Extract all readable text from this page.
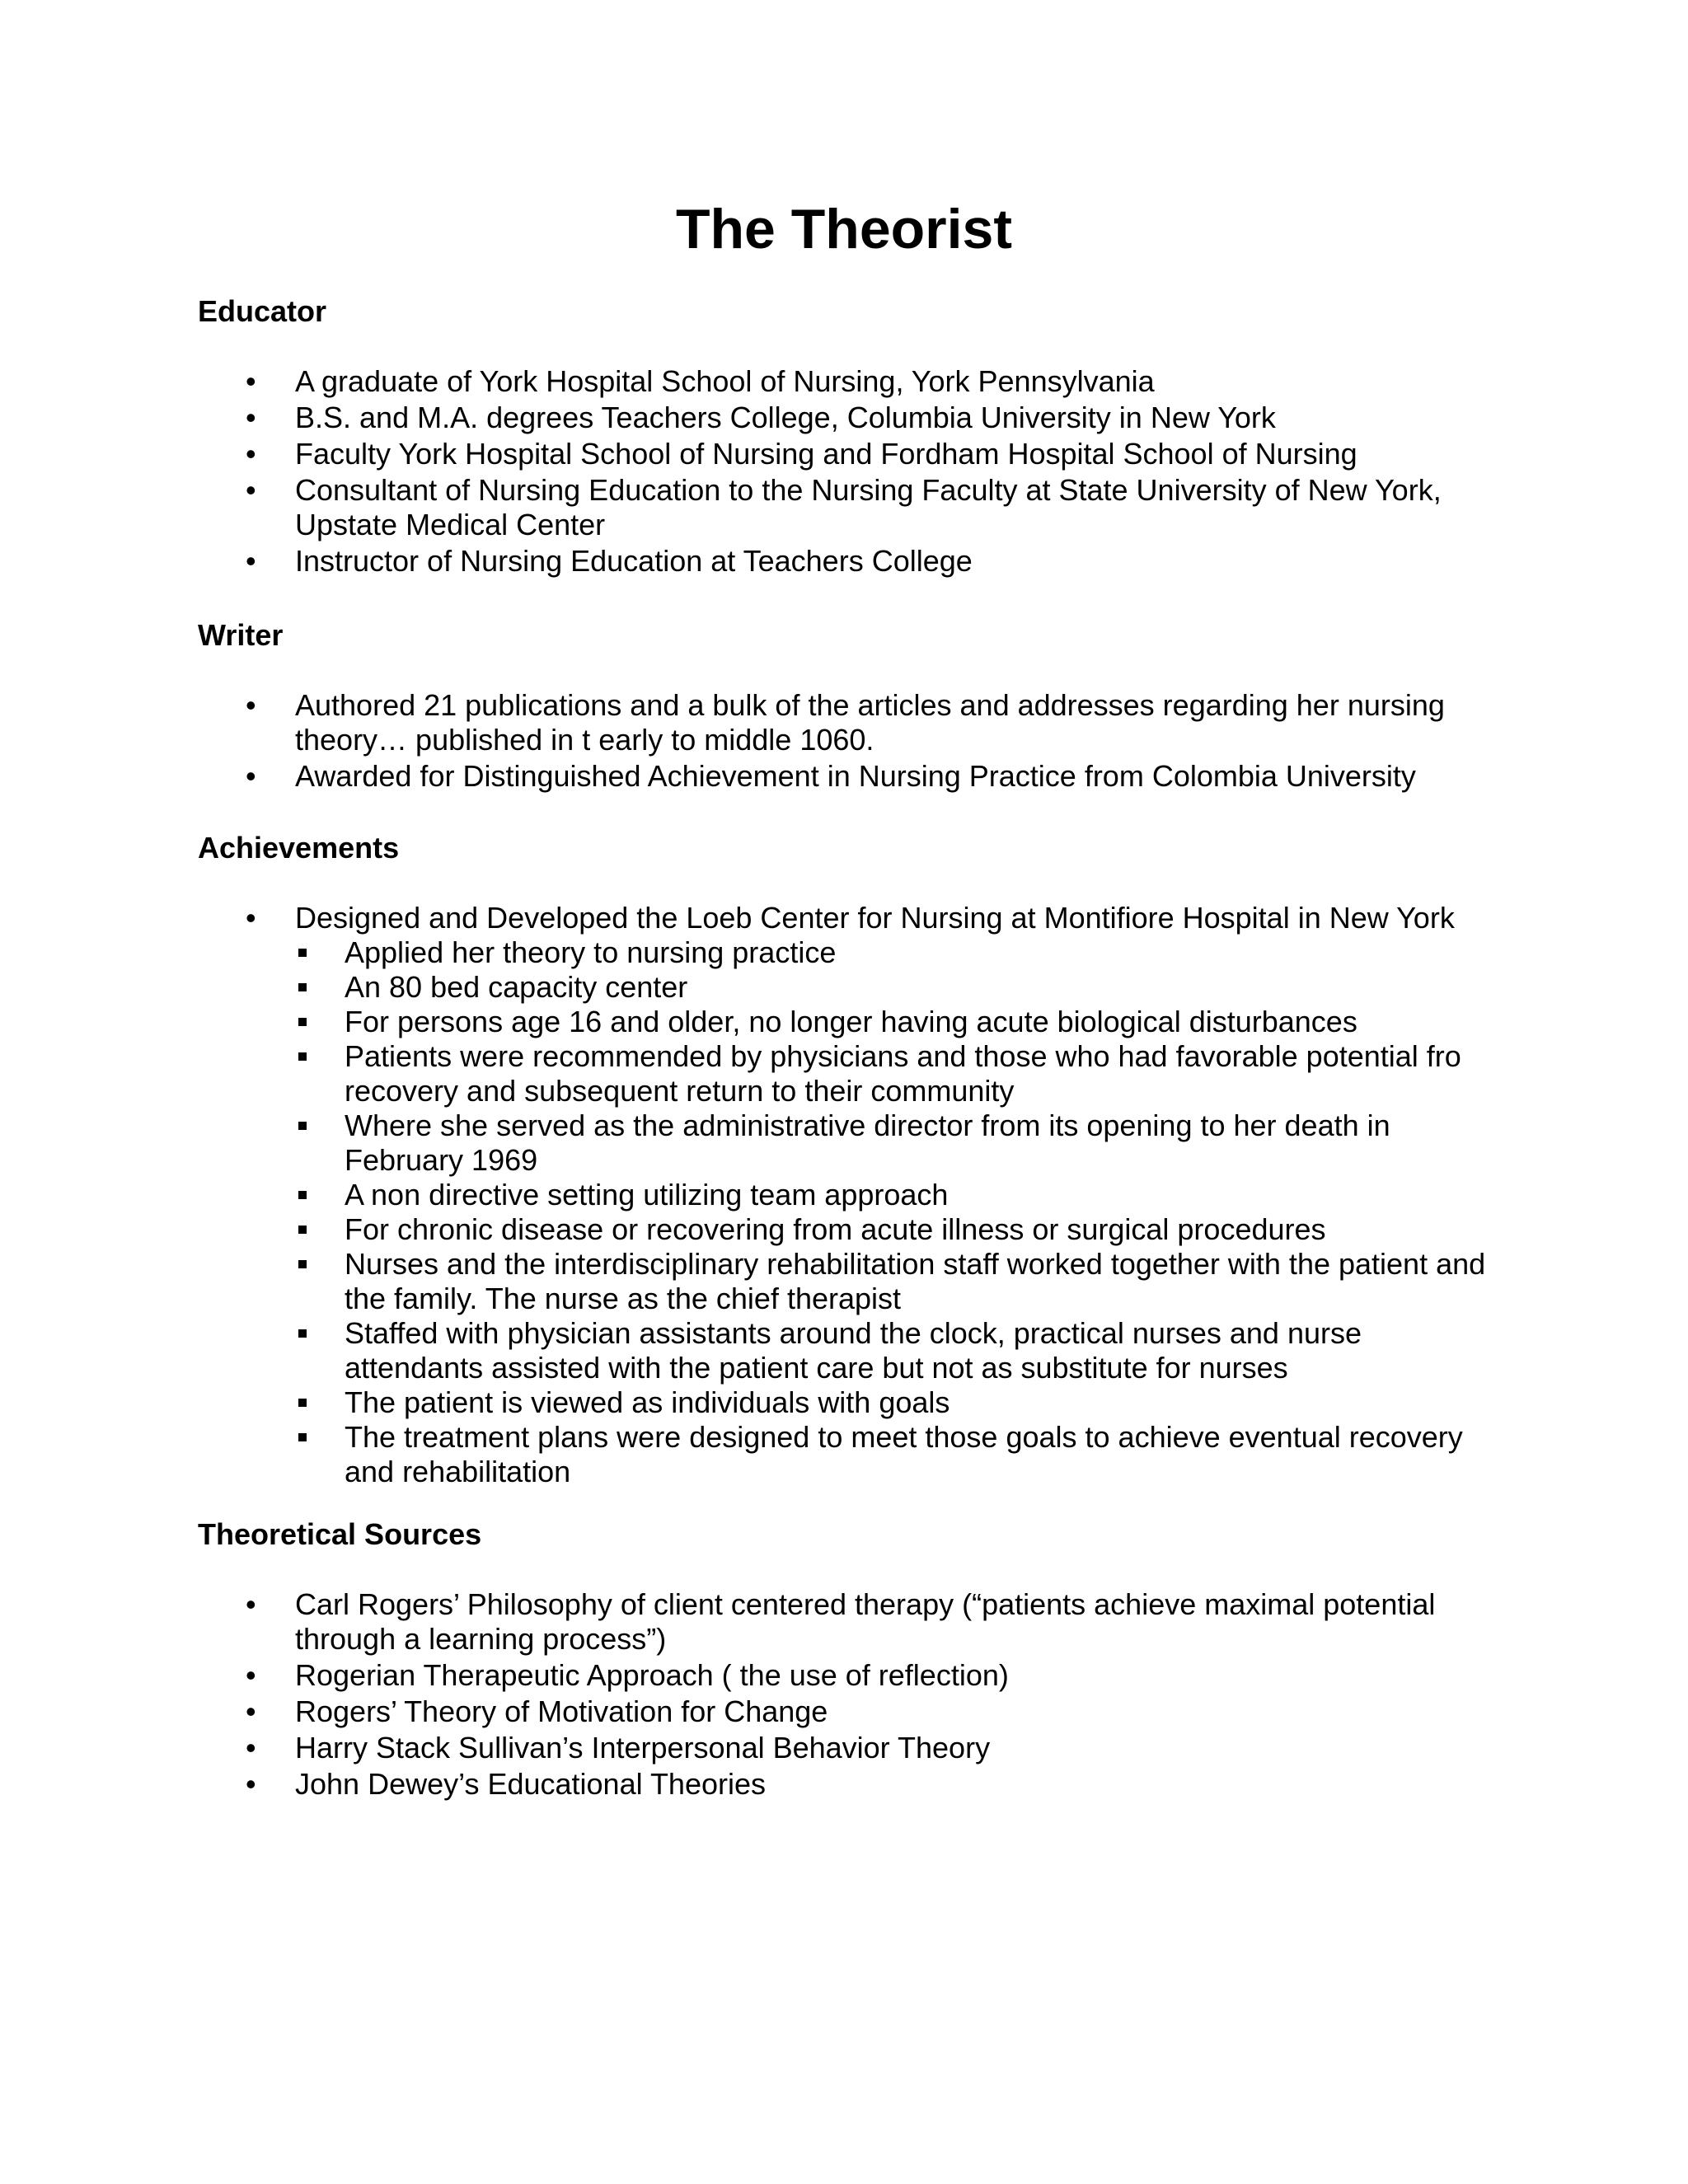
The Theorist
Educator
• A graduate of York Hospital School of Nursing, York Pennsylvania
• B.S. and M.A. degrees Teachers College, Columbia University in New York
• Faculty York Hospital School of Nursing and Fordham Hospital School of Nursing
• Consultant of Nursing Education to the Nursing Faculty at State University of New York, Upstate Medical Center
• Instructor of Nursing Education at Teachers College
Writer
• Authored 21 publications and a bulk of the articles and addresses regarding her nursing theory… published in t early to middle 1060.
• Awarded for Distinguished Achievement in Nursing Practice from Colombia University
Achievements
• Designed and Developed the Loeb Center for Nursing at Montifiore Hospital in New York
Applied her theory to nursing practice
An 80 bed capacity center
For persons age 16 and older, no longer having acute biological disturbances
Patients were recommended by physicians and those who had favorable potential fro recovery and subsequent return to their community
Where she served as the administrative director from its opening to her death in February 1969
A non directive setting utilizing team approach
For chronic disease or recovering from acute illness or surgical procedures
Nurses and the interdisciplinary rehabilitation staff worked together with the patient and the family. The nurse as the chief therapist
Staffed with physician assistants around the clock, practical nurses and nurse attendants assisted with the patient care but not as substitute for nurses
The patient is viewed as individuals with goals
The treatment plans were designed to meet those goals to achieve eventual recovery and rehabilitation
Theoretical Sources
• Carl Rogers’ Philosophy of client centered therapy (“patients achieve maximal potential through a learning process”)
• Rogerian Therapeutic Approach ( the use of reflection)
• Rogers’ Theory of Motivation for Change
• Harry Stack Sullivan’s Interpersonal Behavior Theory
• John Dewey’s Educational Theories
